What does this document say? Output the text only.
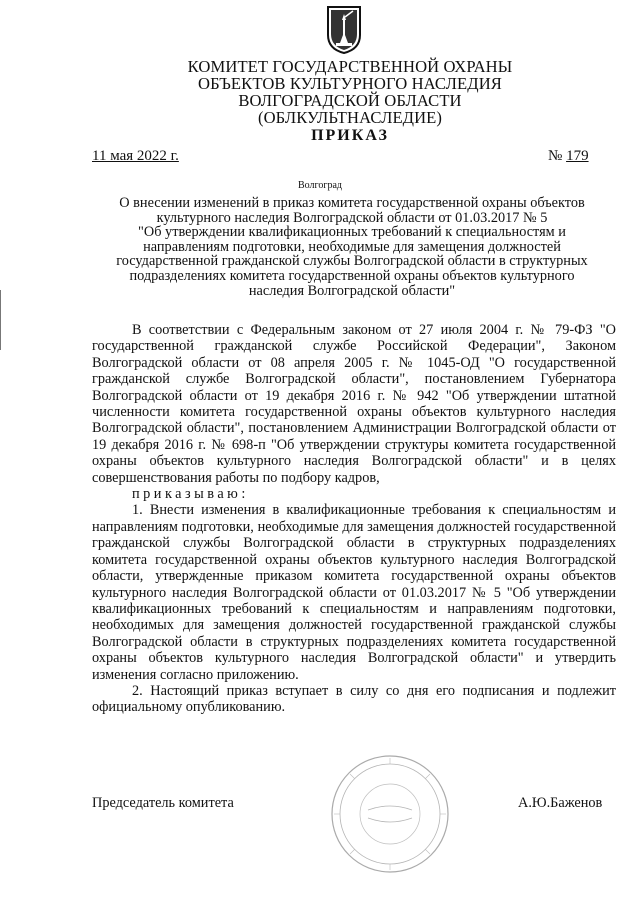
КОМИТЕТ ГОСУДАРСТВЕННОЙ ОХРАНЫ
ОБЪЕКТОВ КУЛЬТУРНОГО НАСЛЕДИЯ
ВОЛГОГРАДСКОЙ ОБЛАСТИ
(ОБЛКУЛЬТНАСЛЕДИЕ)
ПРИКАЗ
11 мая 2022 г.	№ 179
Волгоград
О внесении изменений в приказ комитета государственной охраны объектов
культурного наследия Волгоградской области от 01.03.2017 № 5
"Об утверждении квалификационных требований к специальностям и
направлениям подготовки, необходимые для замещения должностей
государственной гражданской службы Волгоградской области в структурных
подразделениях комитета государственной охраны объектов культурного
наследия Волгоградской области"

В соответствии с Федеральным законом от 27 июля 2004 г. № 79-ФЗ "О государственной гражданской службе Российской Федерации", Законом Волгоградской области от 08 апреля 2005 г. № 1045-ОД "О государственной гражданской службе Волгоградской области", постановлением Губернатора Волгоградской области от 19 декабря 2016 г. № 942 "Об утверждении штатной численности комитета государственной охраны объектов культурного наследия Волгоградской области", постановлением Администрации Волгоградской области от 19 декабря 2016 г. № 698-п "Об утверждении структуры комитета государственной охраны объектов культурного наследия Волгоградской области" и в целях совершенствования работы по подбору кадров,

приказываю:

1. Внести изменения в квалификационные требования к специальностям и направлениям подготовки, необходимые для замещения должностей государственной гражданской службы Волгоградской области в структурных подразделениях комитета государственной охраны объектов культурного наследия Волгоградской области, утвержденные приказом комитета государственной охраны объектов культурного наследия Волгоградской области от 01.03.2017 № 5 "Об утверждении квалификационных требований к специальностям и направлениям подготовки, необходимых для замещения должностей государственной гражданской службы Волгоградской области в структурных подразделениях комитета государственной охраны объектов культурного наследия Волгоградской области" и утвердить изменения согласно приложению.

2. Настоящий приказ вступает в силу со дня его подписания и подлежит официальному опубликованию.

Председатель комитета	А.Ю.Баженов
